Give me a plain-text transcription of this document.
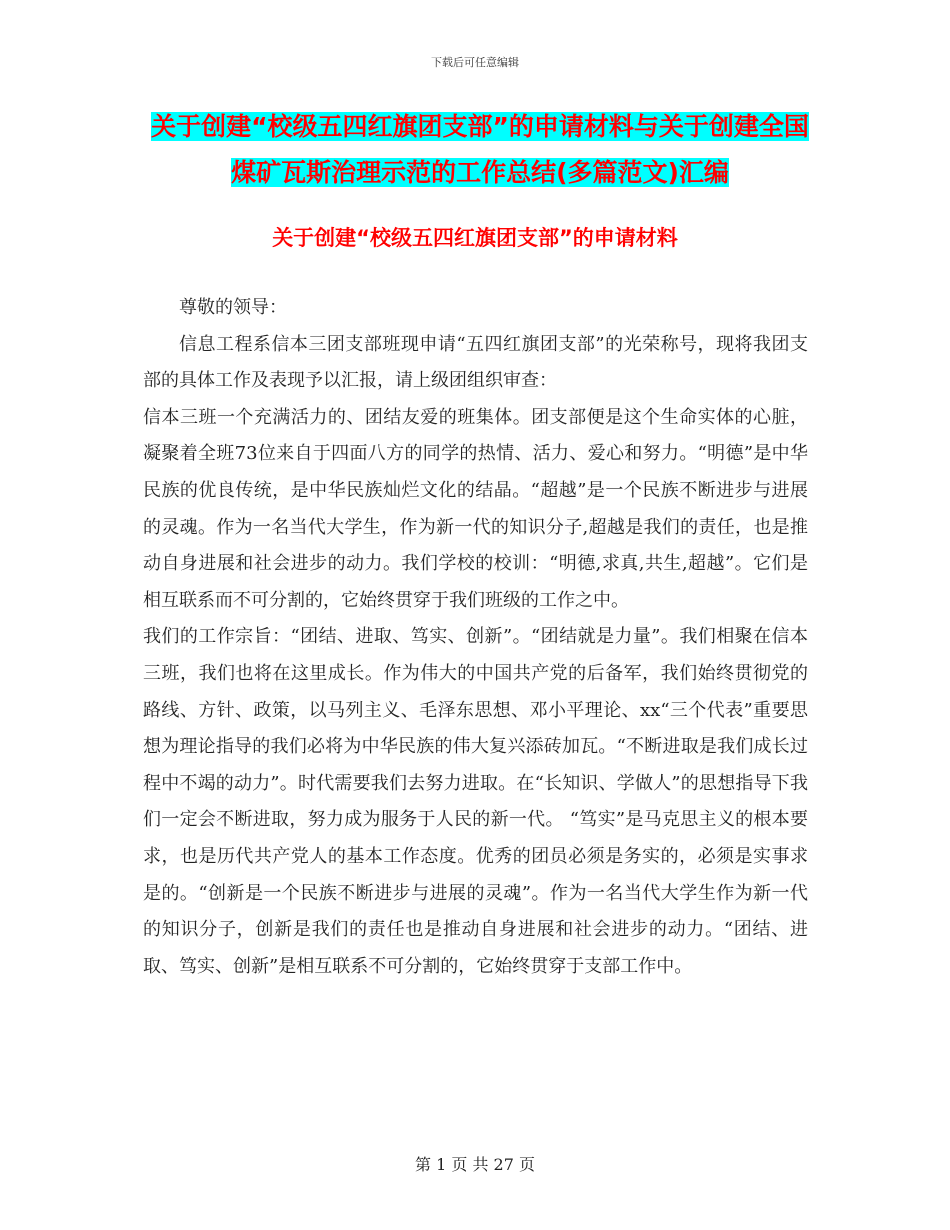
下载后可任意编辑
关于创建“校级五四红旗团支部”的申请材料与关于创建全国煤矿瓦斯治理示范的工作总结(多篇范文)汇编
关于创建“校级五四红旗团支部”的申请材料

尊敬的领导：

信息工程系信本三团支部班现申请“五四红旗团支部”的光荣称号，现将我团支部的具体工作及表现予以汇报，请上级团组织审查：

信本三班一个充满活力的、团结友爱的班集体。团支部便是这个生命实体的心脏，凝聚着全班73位来自于四面八方的同学的热情、活力、爱心和努力。“明德”是中华民族的优良传统，是中华民族灿烂文化的结晶。“超越”是一个民族不断进步与进展的灵魂。作为一名当代大学生，作为新一代的知识分子,超越是我们的责任，也是推动自身进展和社会进步的动力。我们学校的校训：“明德,求真,共生,超越”。它们是相互联系而不可分割的，它始终贯穿于我们班级的工作之中。

我们的工作宗旨：“团结、进取、笃实、创新”。“团结就是力量”。我们相聚在信本三班，我们也将在这里成长。作为伟大的中国共产党的后备军，我们始终贯彻党的路线、方针、政策，以马列主义、毛泽东思想、邓小平理论、xx“三个代表”重要思想为理论指导的我们必将为中华民族的伟大复兴添砖加瓦。“不断进取是我们成长过程中不竭的动力”。时代需要我们去努力进取。在“长知识、学做人”的思想指导下我们一定会不断进取，努力成为服务于人民的新一代。 “笃实”是马克思主义的根本要求，也是历代共产党人的基本工作态度。优秀的团员必须是务实的，必须是实事求是的。“创新是一个民族不断进步与进展的灵魂”。作为一名当代大学生作为新一代的知识分子，创新是我们的责任也是推动自身进展和社会进步的动力。“团结、进取、笃实、创新”是相互联系不可分割的，它始终贯穿于支部工作中。

第 1 页 共 27 页
